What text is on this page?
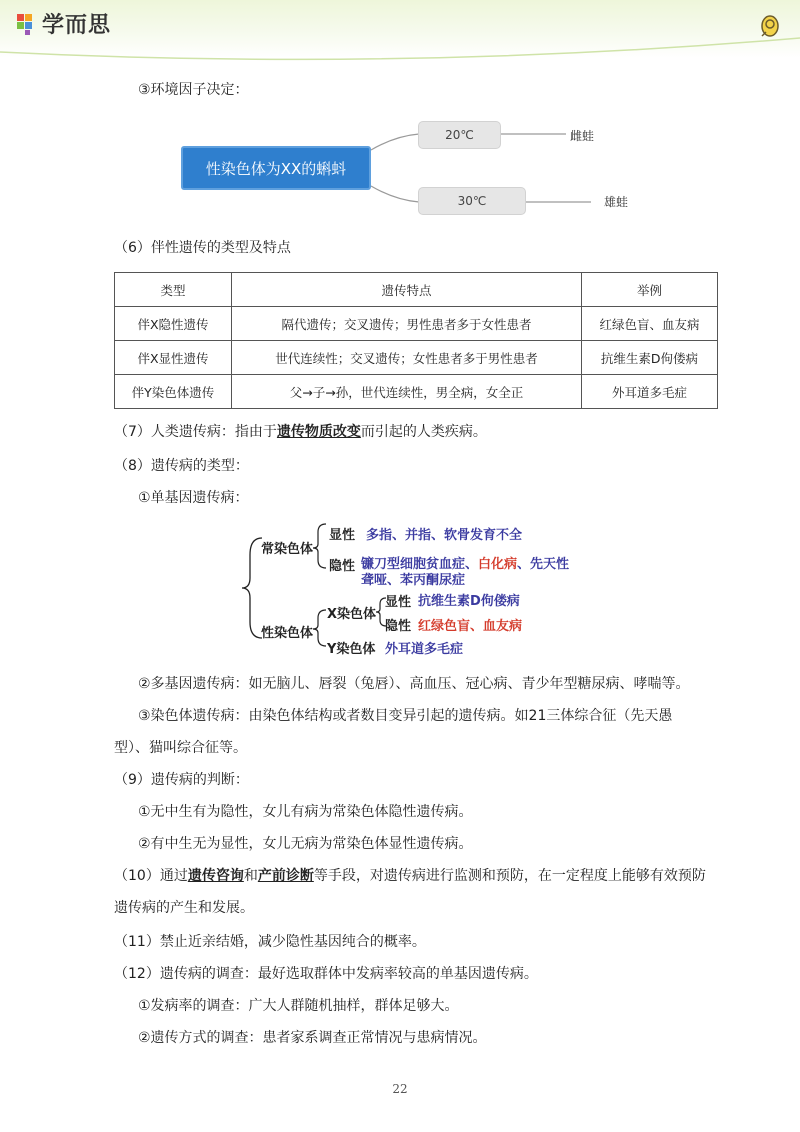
学而思
③环境因子决定：
性染色体为XX的蝌蚪
20℃
30℃
雌蛙
雄蛙
（6）伴性遗传的类型及特点
类型	遗传特点	举例
伴X隐性遗传	隔代遗传；交叉遗传；男性患者多于女性患者	红绿色盲、血友病
伴X显性遗传	世代连续性；交叉遗传；女性患者多于男性患者	抗维生素D佝偻病
伴Y染色体遗传	父→子→孙，世代连续性，男全病，女全正	外耳道多毛症
（7）人类遗传病：指由于遗传物质改变而引起的人类疾病。
（8）遗传病的类型：
①单基因遗传病：
常染色体
显性 多指、并指、软骨发育不全
隐性 镰刀型细胞贫血症、白化病、先天性
聋哑、苯丙酮尿症
性染色体
X染色体
显性 抗维生素D佝偻病
隐性 红绿色盲、血友病
Y染色体 外耳道多毛症
②多基因遗传病：如无脑儿、唇裂（兔唇）、高血压、冠心病、青少年型糖尿病、哮喘等。
③染色体遗传病：由染色体结构或者数目变异引起的遗传病。如21三体综合征（先天愚
型）、猫叫综合征等。
（9）遗传病的判断：
①无中生有为隐性，女儿有病为常染色体隐性遗传病。
②有中生无为显性，女儿无病为常染色体显性遗传病。
（10）通过遗传咨询和产前诊断等手段，对遗传病进行监测和预防，在一定程度上能够有效预防
遗传病的产生和发展。
（11）禁止近亲结婚，减少隐性基因纯合的概率。
（12）遗传病的调查：最好选取群体中发病率较高的单基因遗传病。
①发病率的调查：广大人群随机抽样，群体足够大。
②遗传方式的调查：患者家系调查正常情况与患病情况。
22
